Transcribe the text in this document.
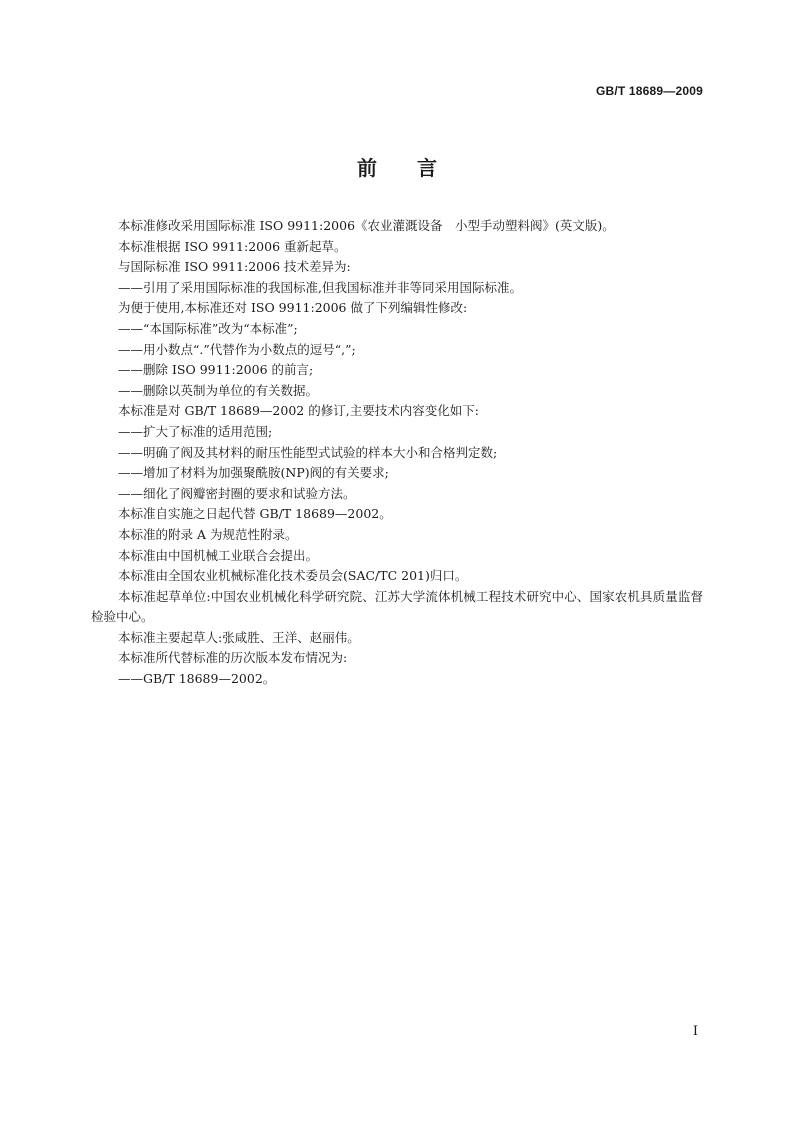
GB/T 18689—2009
前言

本标准修改采用国际标准 ISO 9911:2006《农业灌溉设备　小型手动塑料阀》(英文版)。

本标准根据 ISO 9911:2006 重新起草。

与国际标准 ISO 9911:2006 技术差异为:

——引用了采用国际标准的我国标准,但我国标准并非等同采用国际标准。

为便于使用,本标准还对 ISO 9911:2006 做了下列编辑性修改:

——“本国际标准”改为“本标准”;

——用小数点“.”代替作为小数点的逗号“,”;

——删除 ISO 9911:2006 的前言;

——删除以英制为单位的有关数据。

本标准是对 GB/T 18689—2002 的修订,主要技术内容变化如下:

——扩大了标准的适用范围;

——明确了阀及其材料的耐压性能型式试验的样本大小和合格判定数;

——增加了材料为加强聚酰胺(NP)阀的有关要求;

——细化了阀瓣密封圈的要求和试验方法。

本标准自实施之日起代替 GB/T 18689—2002。

本标准的附录 A 为规范性附录。

本标准由中国机械工业联合会提出。

本标准由全国农业机械标准化技术委员会(SAC/TC 201)归口。

本标准起草单位:中国农业机械化科学研究院、江苏大学流体机械工程技术研究中心、国家农机具质量监督检验中心。

本标准主要起草人:张咸胜、王洋、赵丽伟。

本标准所代替标准的历次版本发布情况为:

——GB/T 18689—2002。

I
